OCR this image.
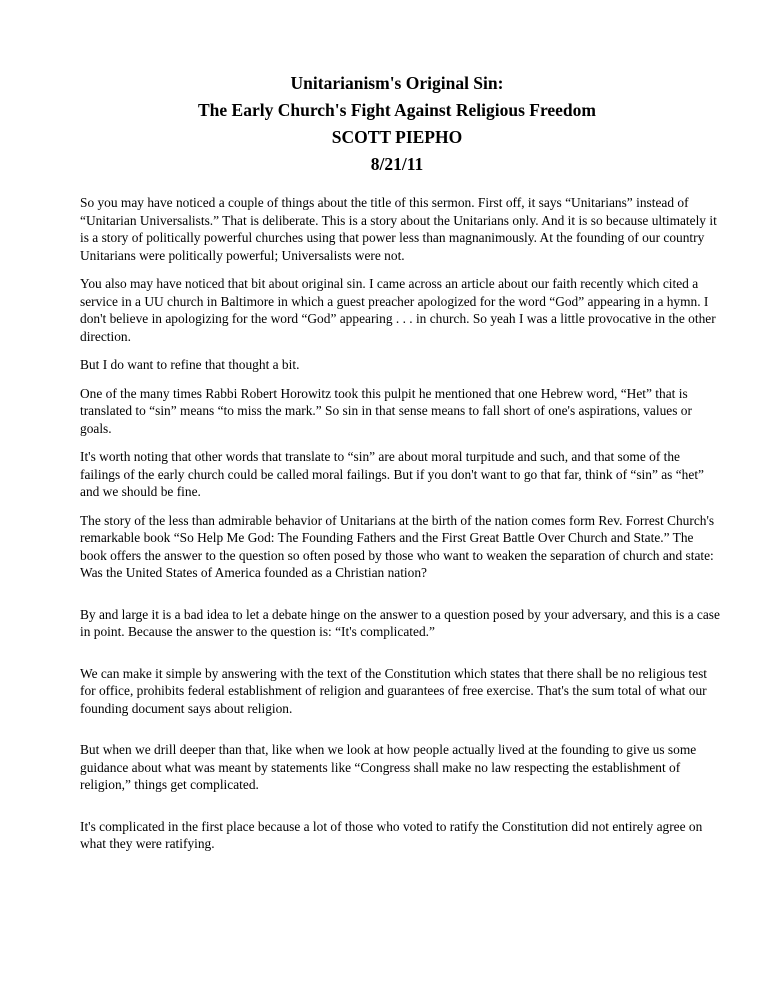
Unitarianism's Original Sin:
The Early Church's Fight Against Religious Freedom
SCOTT PIEPHO
8/21/11

So you may have noticed a couple of things about the title of this sermon. First off, it says “Unitarians” instead of “Unitarian Universalists.” That is deliberate. This is a story about the Unitarians only. And it is so because ultimately it is a story of politically powerful churches using that power less than magnanimously. At the founding of our country Unitarians were politically powerful; Universalists were not.

You also may have noticed that bit about original sin. I came across an article about our faith recently which cited a service in a UU church in Baltimore in which a guest preacher apologized for the word “God” appearing in a hymn. I don't believe in apologizing for the word “God” appearing . . . in church. So yeah I was a little provocative in the other direction.

But I do want to refine that thought a bit.

One of the many times Rabbi Robert Horowitz took this pulpit he mentioned that one Hebrew word, “Het” that is translated to “sin” means “to miss the mark.” So sin in that sense means to fall short of one's aspirations, values or goals.

It's worth noting that other words that translate to “sin” are about moral turpitude and such, and that some of the failings of the early church could be called moral failings. But if you don't want to go that far, think of “sin” as “het” and we should be fine.

The story of the less than admirable behavior of Unitarians at the birth of the nation comes form Rev. Forrest Church's remarkable book “So Help Me God: The Founding Fathers and the First Great Battle Over Church and State.” The book offers the answer to the question so often posed by those who want to weaken the separation of church and state: Was the United States of America founded as a Christian nation?

By and large it is a bad idea to let a debate hinge on the answer to a question posed by your adversary, and this is a case in point. Because the answer to the question is: “It's complicated.”

We can make it simple by answering with the text of the Constitution which states that there shall be no religious test for office, prohibits federal establishment of religion and guarantees of free exercise. That's the sum total of what our founding document says about religion.

But when we drill deeper than that, like when we look at how people actually lived at the founding to give us some guidance about what was meant by statements like “Congress shall make no law respecting the establishment of religion,” things get complicated.

It's complicated in the first place because a lot of those who voted to ratify the Constitution did not entirely agree on what they were ratifying.
